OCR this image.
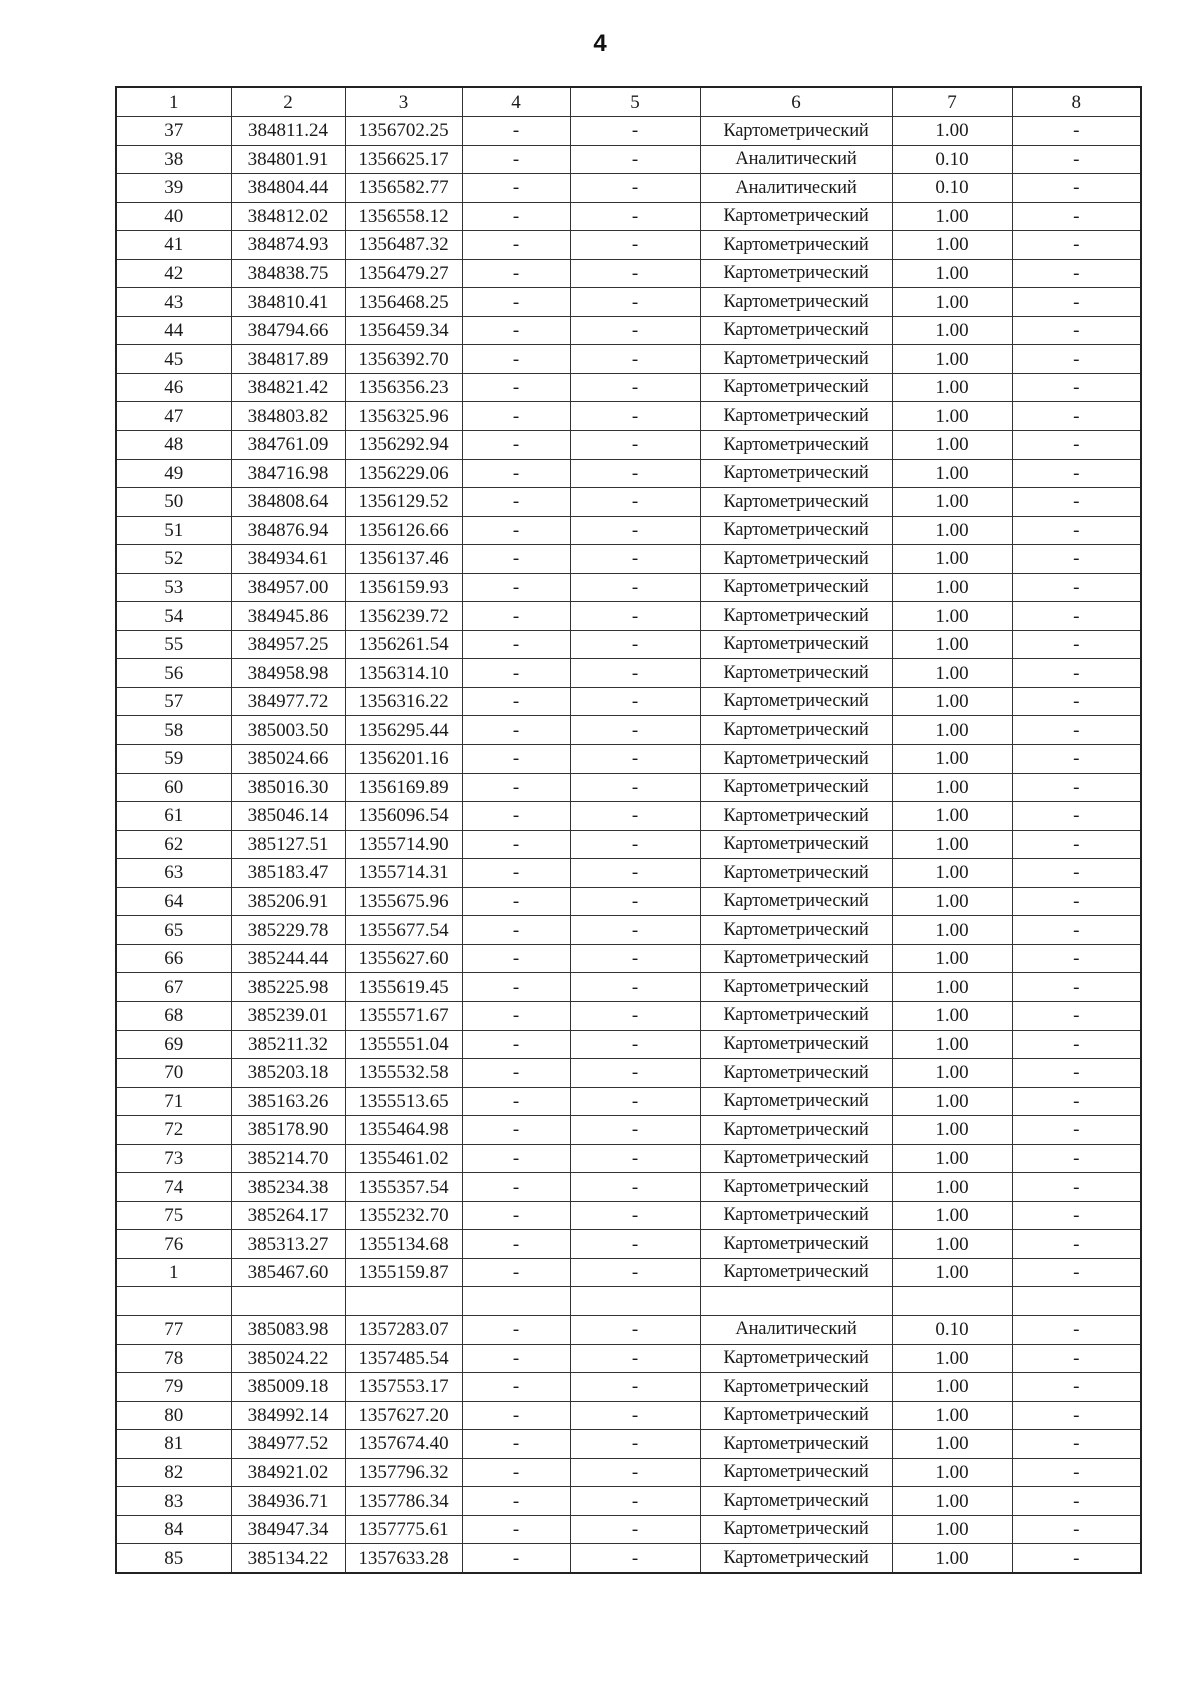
4
1	2	3	4	5	6	7	8
37	384811.24	1356702.25	-	-	Картометрический	1.00	-
38	384801.91	1356625.17	-	-	Аналитический	0.10	-
39	384804.44	1356582.77	-	-	Аналитический	0.10	-
40	384812.02	1356558.12	-	-	Картометрический	1.00	-
41	384874.93	1356487.32	-	-	Картометрический	1.00	-
42	384838.75	1356479.27	-	-	Картометрический	1.00	-
43	384810.41	1356468.25	-	-	Картометрический	1.00	-
44	384794.66	1356459.34	-	-	Картометрический	1.00	-
45	384817.89	1356392.70	-	-	Картометрический	1.00	-
46	384821.42	1356356.23	-	-	Картометрический	1.00	-
47	384803.82	1356325.96	-	-	Картометрический	1.00	-
48	384761.09	1356292.94	-	-	Картометрический	1.00	-
49	384716.98	1356229.06	-	-	Картометрический	1.00	-
50	384808.64	1356129.52	-	-	Картометрический	1.00	-
51	384876.94	1356126.66	-	-	Картометрический	1.00	-
52	384934.61	1356137.46	-	-	Картометрический	1.00	-
53	384957.00	1356159.93	-	-	Картометрический	1.00	-
54	384945.86	1356239.72	-	-	Картометрический	1.00	-
55	384957.25	1356261.54	-	-	Картометрический	1.00	-
56	384958.98	1356314.10	-	-	Картометрический	1.00	-
57	384977.72	1356316.22	-	-	Картометрический	1.00	-
58	385003.50	1356295.44	-	-	Картометрический	1.00	-
59	385024.66	1356201.16	-	-	Картометрический	1.00	-
60	385016.30	1356169.89	-	-	Картометрический	1.00	-
61	385046.14	1356096.54	-	-	Картометрический	1.00	-
62	385127.51	1355714.90	-	-	Картометрический	1.00	-
63	385183.47	1355714.31	-	-	Картометрический	1.00	-
64	385206.91	1355675.96	-	-	Картометрический	1.00	-
65	385229.78	1355677.54	-	-	Картометрический	1.00	-
66	385244.44	1355627.60	-	-	Картометрический	1.00	-
67	385225.98	1355619.45	-	-	Картометрический	1.00	-
68	385239.01	1355571.67	-	-	Картометрический	1.00	-
69	385211.32	1355551.04	-	-	Картометрический	1.00	-
70	385203.18	1355532.58	-	-	Картометрический	1.00	-
71	385163.26	1355513.65	-	-	Картометрический	1.00	-
72	385178.90	1355464.98	-	-	Картометрический	1.00	-
73	385214.70	1355461.02	-	-	Картометрический	1.00	-
74	385234.38	1355357.54	-	-	Картометрический	1.00	-
75	385264.17	1355232.70	-	-	Картометрический	1.00	-
76	385313.27	1355134.68	-	-	Картометрический	1.00	-
1	385467.60	1355159.87	-	-	Картометрический	1.00	-

77	385083.98	1357283.07	-	-	Аналитический	0.10	-
78	385024.22	1357485.54	-	-	Картометрический	1.00	-
79	385009.18	1357553.17	-	-	Картометрический	1.00	-
80	384992.14	1357627.20	-	-	Картометрический	1.00	-
81	384977.52	1357674.40	-	-	Картометрический	1.00	-
82	384921.02	1357796.32	-	-	Картометрический	1.00	-
83	384936.71	1357786.34	-	-	Картометрический	1.00	-
84	384947.34	1357775.61	-	-	Картометрический	1.00	-
85	385134.22	1357633.28	-	-	Картометрический	1.00	-
